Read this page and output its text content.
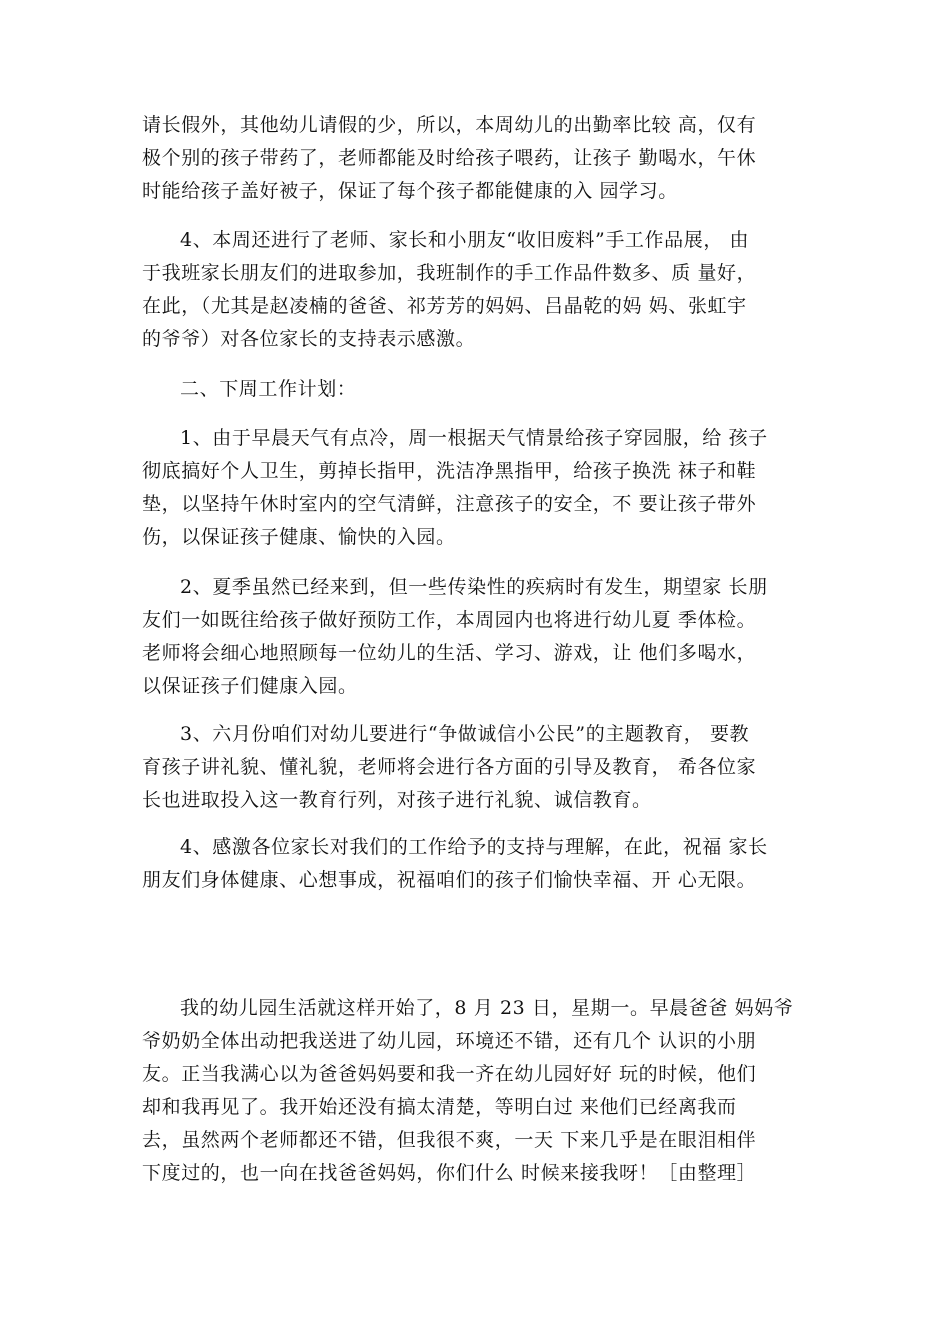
请长假外，其他幼儿请假的少，所以，本周幼儿的出勤率比较 高，仅有
极个别的孩子带药了，老师都能及时给孩子喂药，让孩子 勤喝水，午休
时能给孩子盖好被子，保证了每个孩子都能健康的入 园学习。

4、本周还进行了老师、家长和小朋友“收旧废料”手工作品展， 由
于我班家长朋友们的进取参加，我班制作的手工作品件数多、质 量好，
在此，（尤其是赵凌楠的爸爸、祁芳芳的妈妈、吕晶乾的妈 妈、张虹宇
的爷爷）对各位家长的支持表示感激。

二、下周工作计划：

1、由于早晨天气有点冷，周一根据天气情景给孩子穿园服，给 孩子
彻底搞好个人卫生，剪掉长指甲，洗洁净黑指甲，给孩子换洗 袜子和鞋
垫，以坚持午休时室内的空气清鲜，注意孩子的安全，不 要让孩子带外
伤，以保证孩子健康、愉快的入园。

2、夏季虽然已经来到，但一些传染性的疾病时有发生，期望家 长朋
友们一如既往给孩子做好预防工作，本周园内也将进行幼儿夏 季体检。
老师将会细心地照顾每一位幼儿的生活、学习、游戏，让 他们多喝水，
以保证孩子们健康入园。

3、六月份咱们对幼儿要进行“争做诚信小公民”的主题教育， 要教
育孩子讲礼貌、懂礼貌，老师将会进行各方面的引导及教育， 希各位家
长也进取投入这一教育行列，对孩子进行礼貌、诚信教育。

4、感激各位家长对我们的工作给予的支持与理解，在此，祝福 家长
朋友们身体健康、心想事成，祝福咱们的孩子们愉快幸福、开 心无限。

我的幼儿园生活就这样开始了，8 月 23 日，星期一。早晨爸爸 妈妈爷
爷奶奶全体出动把我送进了幼儿园，环境还不错，还有几个 认识的小朋
友。正当我满心以为爸爸妈妈要和我一齐在幼儿园好好 玩的时候，他们
却和我再见了。我开始还没有搞太清楚，等明白过 来他们已经离我而
去，虽然两个老师都还不错，但我很不爽，一天 下来几乎是在眼泪相伴
下度过的，也一向在找爸爸妈妈，你们什么 时候来接我呀！［由整理］
